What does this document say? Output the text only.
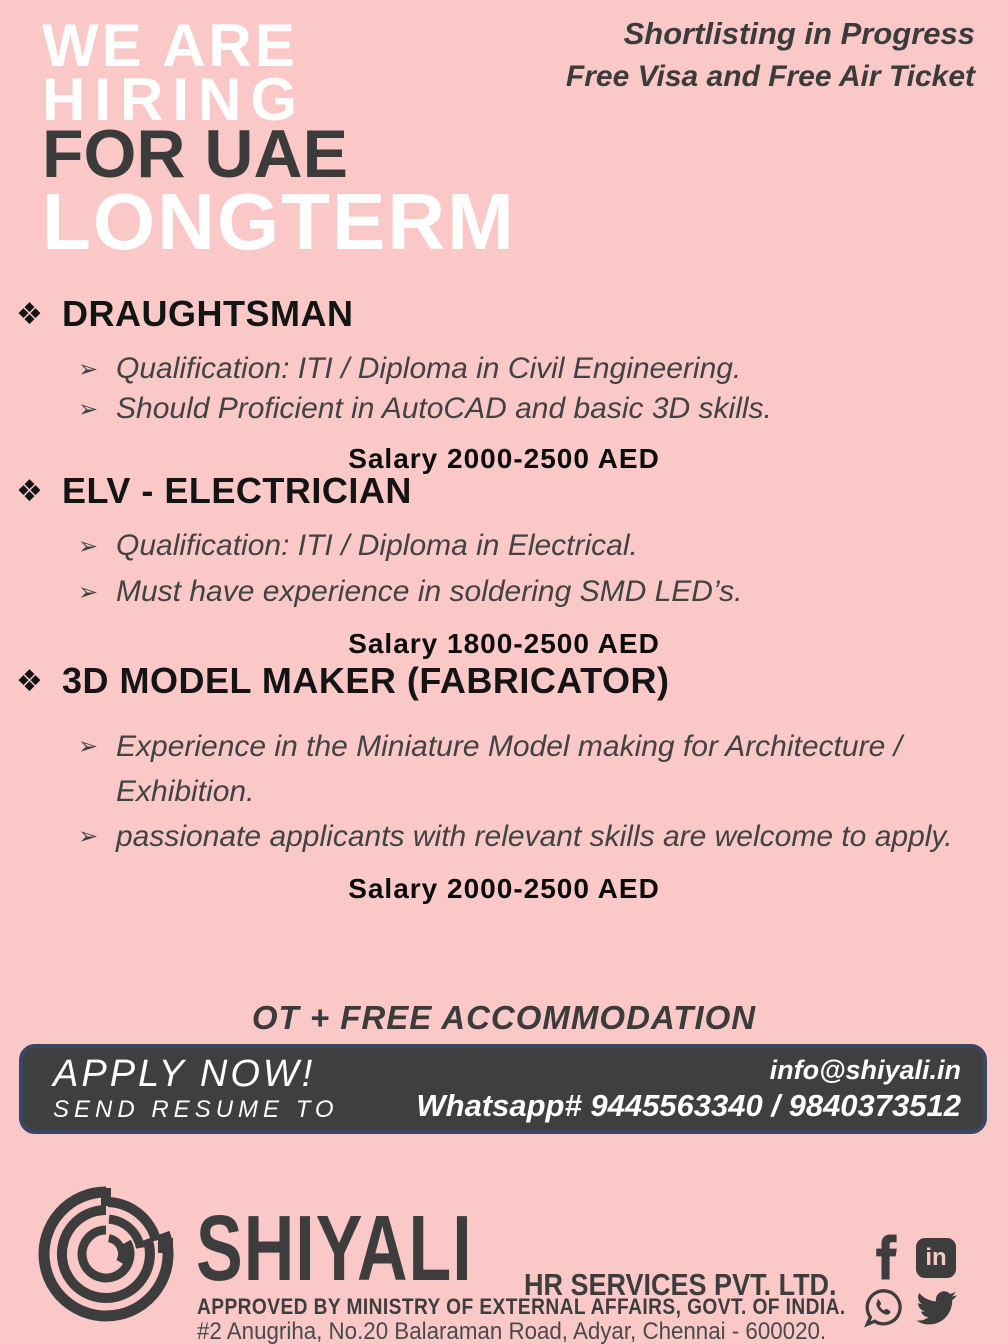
WE ARE
HIRING
FOR UAE
LONGTERM
Shortlisting in Progress
Free Visa and Free Air Ticket
❖ DRAUGHTSMAN
➢ Qualification: ITI / Diploma in Civil Engineering.
➢ Should Proficient in AutoCAD and basic 3D skills.
Salary 2000-2500 AED
❖ ELV - ELECTRICIAN
➢ Qualification: ITI / Diploma in Electrical.
➢ Must have experience in soldering SMD LED’s.
Salary 1800-2500 AED
❖ 3D MODEL MAKER (FABRICATOR)
➢ Experience in the Miniature Model making for Architecture / Exhibition.
➢ passionate applicants with relevant skills are welcome to apply.
Salary 2000-2500 AED
OT + FREE ACCOMMODATION
APPLY NOW!
SEND RESUME TO
info@shiyali.in
Whatsapp# 9445563340 / 9840373512
SHIYALI HR SERVICES PVT. LTD.
APPROVED BY MINISTRY OF EXTERNAL AFFAIRS, GOVT. OF INDIA.
#2 Anugriha, No.20 Balaraman Road, Adyar, Chennai - 600020.
in
